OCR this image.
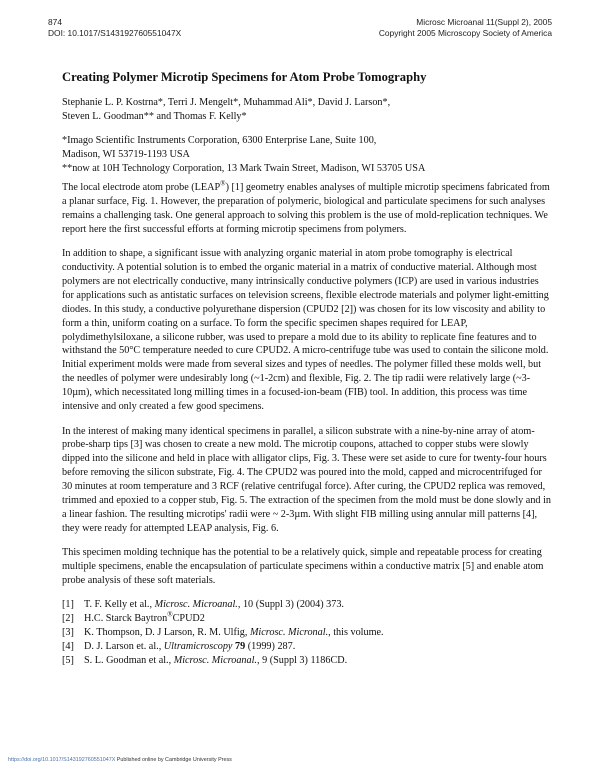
874
DOI: 10.1017/S143192760551047X
Microsc Microanal 11(Suppl 2), 2005
Copyright 2005 Microscopy Society of America
Creating Polymer Microtip Specimens for Atom Probe Tomography
Stephanie L. P. Kostrna*, Terri J. Mengelt*, Muhammad Ali*, David J. Larson*,
Steven L. Goodman** and Thomas F. Kelly*
*Imago Scientific Instruments Corporation, 6300 Enterprise Lane, Suite 100,
Madison, WI 53719-1193 USA
**now at 10H Technology Corporation, 13 Mark Twain Street, Madison, WI 53705 USA

The local electrode atom probe (LEAP®) [1] geometry enables analyses of multiple microtip specimens fabricated from a planar surface, Fig. 1. However, the preparation of polymeric, biological and particulate specimens for such analyses remains a challenging task. One general approach to solving this problem is the use of mold-replication techniques. We report here the first successful efforts at forming microtip specimens from polymers.

In addition to shape, a significant issue with analyzing organic material in atom probe tomography is electrical conductivity. A potential solution is to embed the organic material in a matrix of conductive material. Although most polymers are not electrically conductive, many intrinsically conductive polymers (ICP) are used in various industries for applications such as antistatic surfaces on television screens, flexible electrode materials and polymer light-emitting diodes. In this study, a conductive polyurethane dispersion (CPUD2 [2]) was chosen for its low viscosity and ability to form a thin, uniform coating on a surface. To form the specific specimen shapes required for LEAP, polydimethylsiloxane, a silicone rubber, was used to prepare a mold due to its ability to replicate fine features and to withstand the 50°C temperature needed to cure CPUD2. A micro-centrifuge tube was used to contain the silicone mold. Initial experiment molds were made from several sizes and types of needles. The polymer filled these molds well, but the needles of polymer were undesirably long (~1-2cm) and flexible, Fig. 2. The tip radii were relatively large (~3-10µm), which necessitated long milling times in a focused-ion-beam (FIB) tool. In addition, this process was time intensive and only created a few good specimens.

In the interest of making many identical specimens in parallel, a silicon substrate with a nine-by-nine array of atom-probe-sharp tips [3] was chosen to create a new mold. The microtip coupons, attached to copper stubs were slowly dipped into the silicone and held in place with alligator clips, Fig. 3. These were set aside to cure for twenty-four hours before removing the silicon substrate, Fig. 4. The CPUD2 was poured into the mold, capped and microcentrifuged for 30 minutes at room temperature and 3 RCF (relative centrifugal force). After curing, the CPUD2 replica was removed, trimmed and epoxied to a copper stub, Fig. 5. The extraction of the specimen from the mold must be done slowly and in a linear fashion. The resulting microtips' radii were ~ 2-3µm. With slight FIB milling using annular mill patterns [4], they were ready for attempted LEAP analysis, Fig. 6.

This specimen molding technique has the potential to be a relatively quick, simple and repeatable process for creating multiple specimens, enable the encapsulation of particulate specimens within a conductive matrix [5] and enable atom probe analysis of these soft materials.

[1] T. F. Kelly et al., Microsc. Microanal., 10 (Suppl 3) (2004) 373.
[2] H.C. Starck Baytron®CPUD2
[3] K. Thompson, D. J Larson, R. M. Ulfig, Microsc. Micronal., this volume.
[4] D. J. Larson et. al., Ultramicroscopy 79 (1999) 287.
[5] S. L. Goodman et al., Microsc. Microanal., 9 (Suppl 3) 1186CD.
https://doi.org/10.1017/S143192760551047X Published online by Cambridge University Press
